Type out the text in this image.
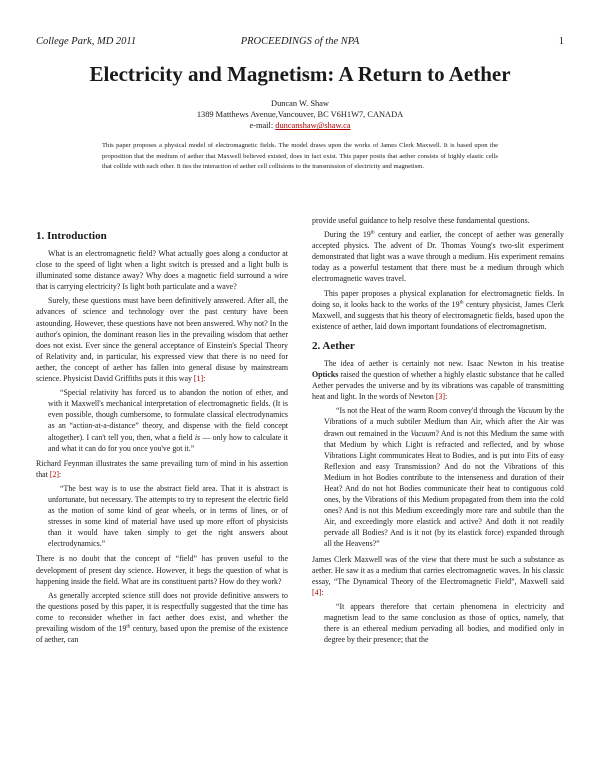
College Park, MD 2011	PROCEEDINGS of the NPA	1
Electricity and Magnetism: A Return to Aether
Duncan W. Shaw
1389 Matthews Avenue,Vancouver, BC V6H1W7, CANADA
e-mail: duncanshaw@shaw.ca

This paper proposes a physical model of electromagnetic fields. The model draws upon the works of James Clerk Maxwell. It is based upon the proposition that the medium of aether that Maxwell believed existed, does in fact exist. This paper posits that aether consists of highly elastic cells that collide with each other. It ties the interaction of aether cell collisions to the transmission of electricity and magnetism.

1. Introduction

What is an electromagnetic field? What actually goes along a conductor at close to the speed of light when a light switch is pressed and a light bulb is illuminated some distance away? Why does a magnetic field surround a wire that is carrying electricity? Is light both particulate and a wave?

Surely, these questions must have been definitively answered. After all, the advances of science and technology over the past century have been astounding. However, these questions have not been answered. Why not? In the author's opinion, the dominant reason lies in the prevailing wisdom that aether does not exist. Ever since the general acceptance of Einstein's Special Theory of Relativity and, in particular, his expressed view that there is no need for aether, the concept of aether has fallen into general disuse by mainstream science. Physicist David Griffiths puts it this way [1]:

“Special relativity has forced us to abandon the notion of ether, and with it Maxwell's mechanical interpretation of electromagnetic fields. (It is even possible, though cumbersome, to formulate classical electrodynamics as an “action-at-a-distance” theory, and dispense with the field concept altogether). I can't tell you, then, what a field is — only how to calculate it and what it can do for you once you've got it.”

Richard Feynman illustrates the same prevailing turn of mind in his assertion that [2]:

“The best way is to use the abstract field area. That it is abstract is unfortunate, but necessary. The attempts to try to represent the electric field as the motion of some kind of gear wheels, or in terms of lines, or of stresses in some kind of material have used up more effort of physicists than it would have taken simply to get the right answers about electrodynamics.”

There is no doubt that the concept of “field” has proven useful to the development of present day science. However, it begs the question of what is happening inside the field. What are its constituent parts? How do they work?

As generally accepted science still does not provide definitive answers to the questions posed by this paper, it is respectfully suggested that the time has come to reconsider whether in fact aether does exist, and whether the prevailing wisdom of the 19th century, based upon the premise of the existence of aether, can

provide useful guidance to help resolve these fundamental questions.

During the 19th century and earlier, the concept of aether was generally accepted physics. The advent of Dr. Thomas Young's two-slit experiment demonstrated that light was a wave through a medium. His experiment remains today as a powerful testament that there must be a medium through which electromagnetic waves travel.

This paper proposes a physical explanation for electromagnetic fields. In doing so, it looks back to the works of the 19th century physicist, James Clerk Maxwell, and suggests that his theory of electromagnetic fields, based upon the existence of aether, laid down important foundations of electromagnetism.

2. Aether

The idea of aether is certainly not new. Isaac Newton in his treatise Opticks raised the question of whether a highly elastic substance that he called Aether pervades the universe and by its vibrations was capable of transmitting heat and light. In the words of Newton [3]:

“Is not the Heat of the warm Room convey'd through the Vacuum by the Vibrations of a much subtiler Medium than Air, which after the Air was drawn out remained in the Vacuum? And is not this Medium the same with that Medium by which Light is refracted and reflected, and by whose Vibrations Light communicates Heat to Bodies, and is put into Fits of easy Reflexion and easy Transmission? And do not the Vibrations of this Medium in hot Bodies contribute to the intenseness and duration of their Heat? And do not hot Bodies communicate their heat to contiguous cold ones, by the Vibrations of this Medium propagated from them into the cold ones? And is not this Medium exceedingly more rare and subtile than the Air, and exceedingly more elastick and active? And doth it not readily pervade all Bodies? And is it not (by its elastick force) expanded through all the Heavens?”

James Clerk Maxwell was of the view that there must be such a substance as aether. He saw it as a medium that carries electromagnetic waves. In his classic essay, “The Dynamical Theory of the Electromagnetic Field”, Maxwell said [4]:

“It appears therefore that certain phenomena in electricity and magnetism lead to the same conclusion as those of optics, namely, that there is an ethereal medium pervading all bodies, and modified only in degree by their presence; that the
